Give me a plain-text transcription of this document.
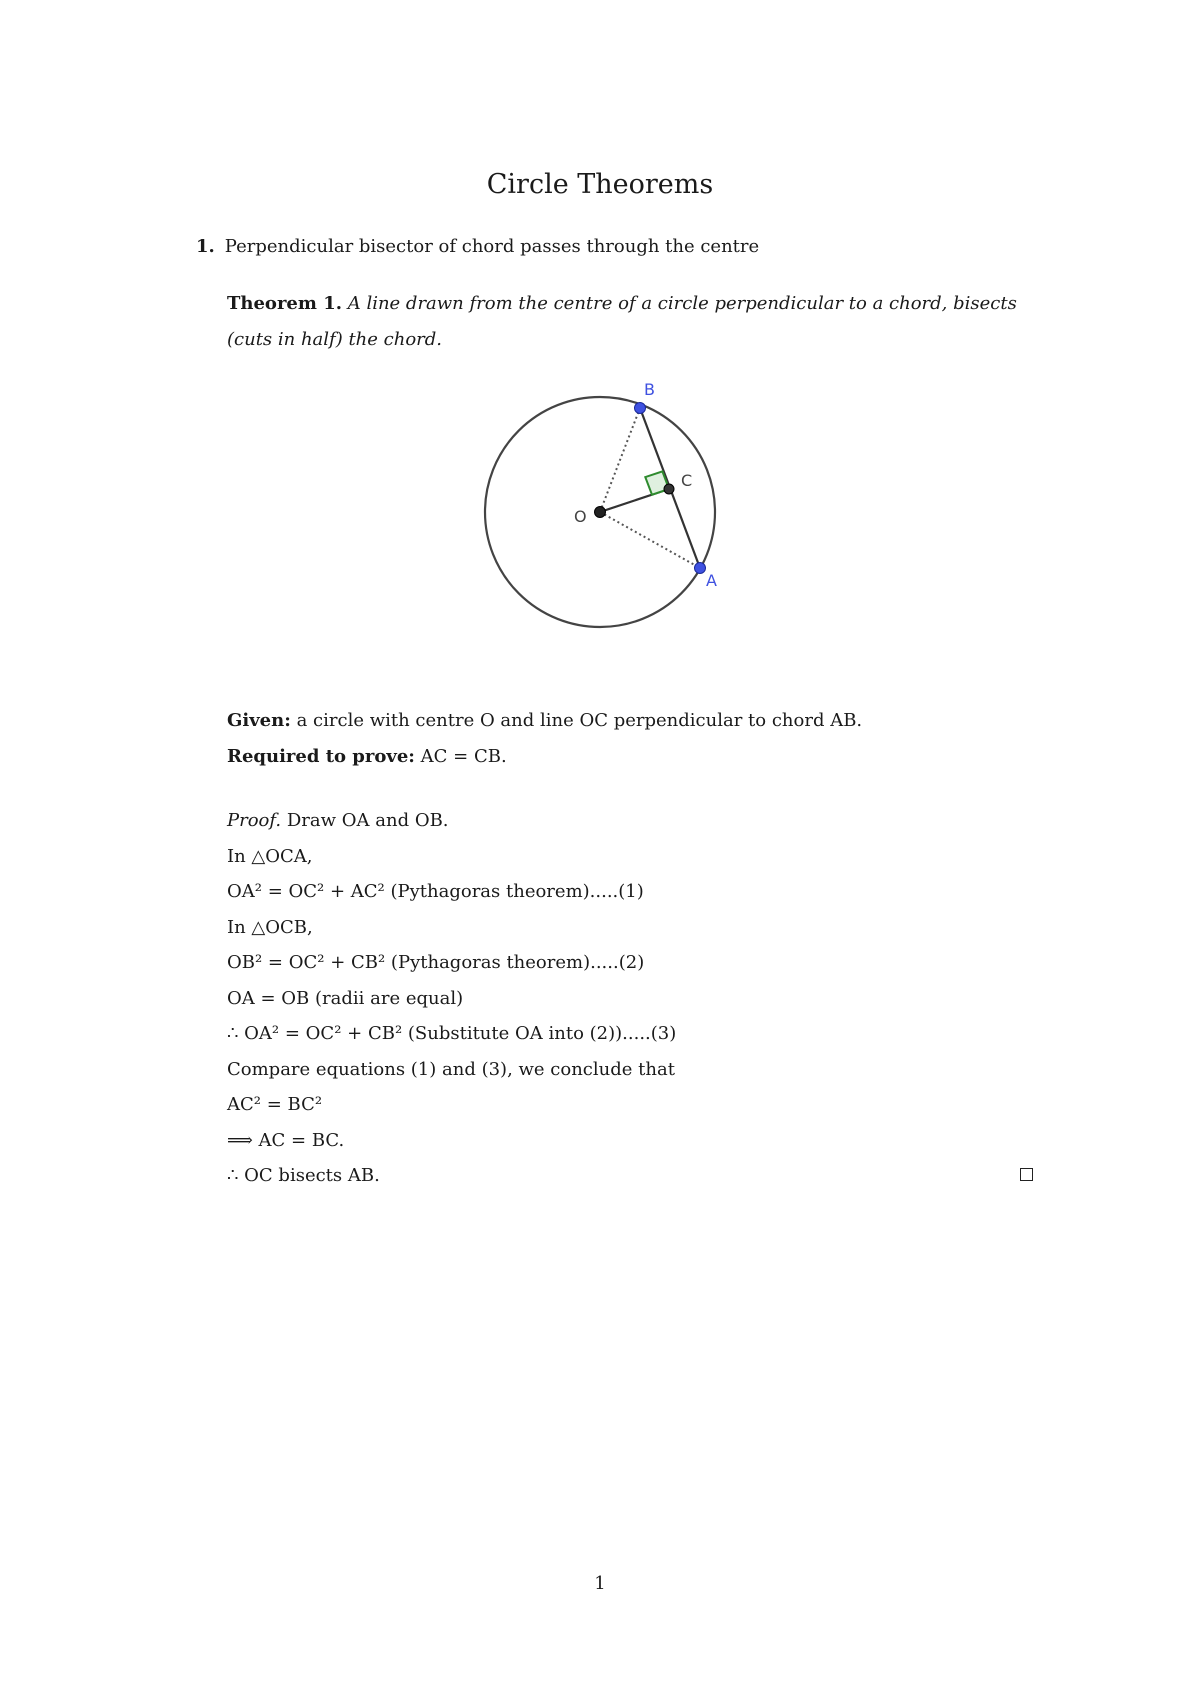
Circle Theorems
1. Perpendicular bisector of chord passes through the centre
Theorem 1. A line drawn from the centre of a circle perpendicular to a chord, bisects (cuts in half) the chord.
B
C
O
A
Given: a circle with centre O and line OC perpendicular to chord AB.
Required to prove: AC = CB.
Proof. Draw OA and OB.
In △OCA,
OA² = OC² + AC² (Pythagoras theorem).....(1)
In △OCB,
OB² = OC² + CB² (Pythagoras theorem).....(2)
OA = OB (radii are equal)
∴ OA² = OC² + CB² (Substitute OA into (2)).....(3)
Compare equations (1) and (3), we conclude that
AC² = BC²
⟹ AC = BC.
∴ OC bisects AB.
1
